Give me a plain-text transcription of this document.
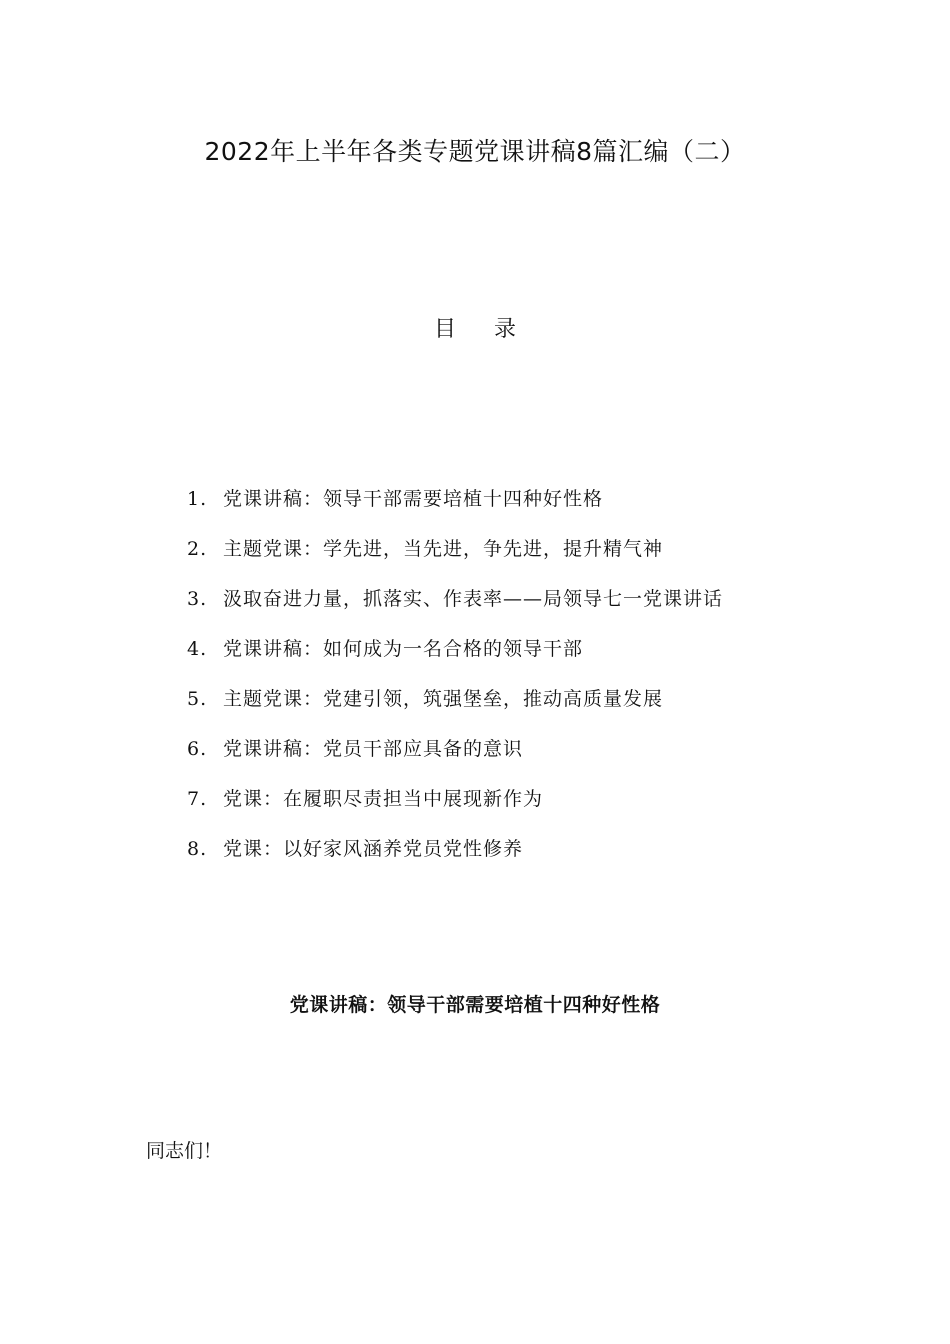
2022年上半年各类专题党课讲稿8篇汇编（二）
目 录
1. 党课讲稿：领导干部需要培植十四种好性格
2. 主题党课：学先进，当先进，争先进，提升精气神
3. 汲取奋进力量，抓落实、作表率——局领导七一党课讲话
4. 党课讲稿：如何成为一名合格的领导干部
5. 主题党课：党建引领，筑强堡垒，推动高质量发展
6. 党课讲稿：党员干部应具备的意识
7. 党课：在履职尽责担当中展现新作为
8. 党课：以好家风涵养党员党性修养
党课讲稿：领导干部需要培植十四种好性格
同志们！
